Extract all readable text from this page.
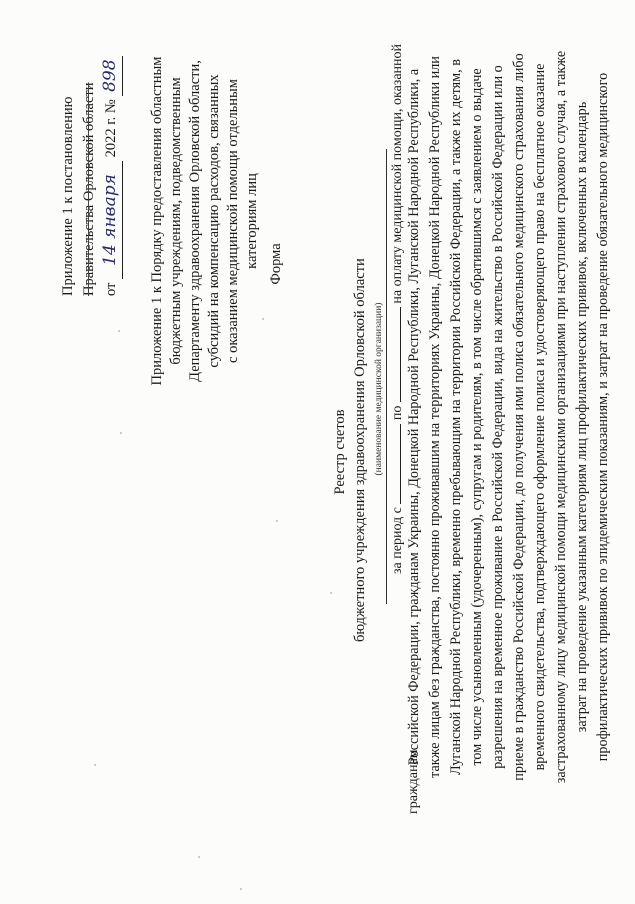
Приложение 1 к постановлению Правительства Орловской области от 14 января 2022 г. № 898 Приложение 1 к Порядку предоставления областным бюджетным учреждениям, подведомственным Департаменту здравоохранения Орловской области, субсидий на компенсацию расходов, связанных с оказанием медицинской помощи отдельным категориям лиц Форма
Реестр счетов бюджетного учреждения здравоохранения Орловской области (наименование медицинской организации)
за период с  по  на оплату медицинской помощи, оказанной гражданам
Российской Федерации, гражданам Украины, Донецкой Народной Республики, Луганской Народной Республики, а также лицам без гражданства, постоянно проживавшим на территориях Украины, Донецкой Народной Республики или Луганской Народной Республики, временно пребывающим на территории Российской Федерации, а также их детям, в том числе усыновленным (удочеренным), супругам и родителям, в том числе обратившимся с заявлением о выдаче разрешения на временное проживание в Российской Федерации, вида на жительство в Российской Федерации или о приеме в гражданство Российской Федерации, до получения ими полиса обязательного медицинского страхования либо временного свидетельства, подтверждающего оформление полиса и удостоверяющего право на бесплатное оказание застрахованному лицу медицинской помощи медицинскими организациями при наступлении страхового случая, а также затрат на проведение указанным категориям лиц профилактических прививок, включенных в календарь профилактических прививок по эпидемическим показаниям, и затрат на проведение обязательного медицинского
